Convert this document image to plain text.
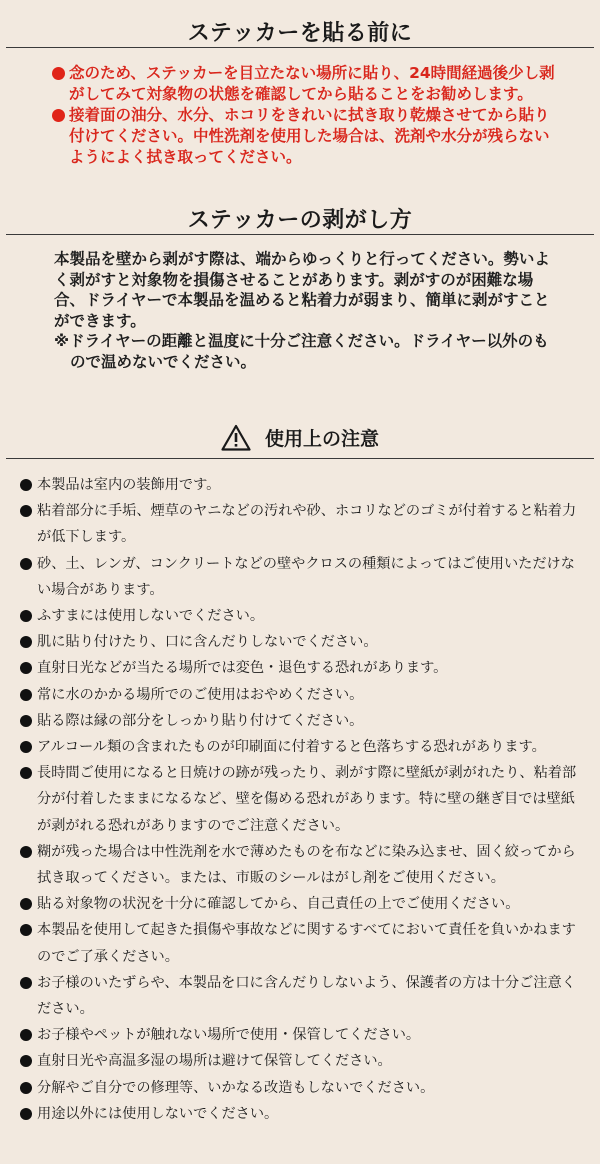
ステッカーを貼る前に
念のため、ステッカーを目立たない場所に貼り、24時間経過後少し剥がしてみて対象物の状態を確認してから貼ることをお勧めします。
接着面の油分、水分、ホコリをきれいに拭き取り乾燥させてから貼り付けてください。中性洗剤を使用した場合は、洗剤や水分が残らないようによく拭き取ってください。
ステッカーの剥がし方

本製品を壁から剥がす際は、端からゆっくりと行ってください。勢いよく剥がすと対象物を損傷させることがあります。剥がすのが困難な場合、ドライヤーで本製品を温めると粘着力が弱まり、簡単に剥がすことができます。

※ドライヤーの距離と温度に十分ご注意ください。ドライヤー以外のもので温めないでください。

使用上の注意
本製品は室内の装飾用です。
粘着部分に手垢、煙草のヤニなどの汚れや砂、ホコリなどのゴミが付着すると粘着力が低下します。
砂、土、レンガ、コンクリートなどの壁やクロスの種類によってはご使用いただけない場合があります。
ふすまには使用しないでください。
肌に貼り付けたり、口に含んだりしないでください。
直射日光などが当たる場所では変色・退色する恐れがあります。
常に水のかかる場所でのご使用はおやめください。
貼る際は縁の部分をしっかり貼り付けてください。
アルコール類の含まれたものが印刷面に付着すると色落ちする恐れがあります。
長時間ご使用になると日焼けの跡が残ったり、剥がす際に壁紙が剥がれたり、粘着部分が付着したままになるなど、壁を傷める恐れがあります。特に壁の継ぎ目では壁紙が剥がれる恐れがありますのでご注意ください。
糊が残った場合は中性洗剤を水で薄めたものを布などに染み込ませ、固く絞ってから拭き取ってください。または、市販のシールはがし剤をご使用ください。
貼る対象物の状況を十分に確認してから、自己責任の上でご使用ください。
本製品を使用して起きた損傷や事故などに関するすべてにおいて責任を負いかねますのでご了承ください。
お子様のいたずらや、本製品を口に含んだりしないよう、保護者の方は十分ご注意ください。
お子様やペットが触れない場所で使用・保管してください。
直射日光や高温多湿の場所は避けて保管してください。
分解やご自分での修理等、いかなる改造もしないでください。
用途以外には使用しないでください。
